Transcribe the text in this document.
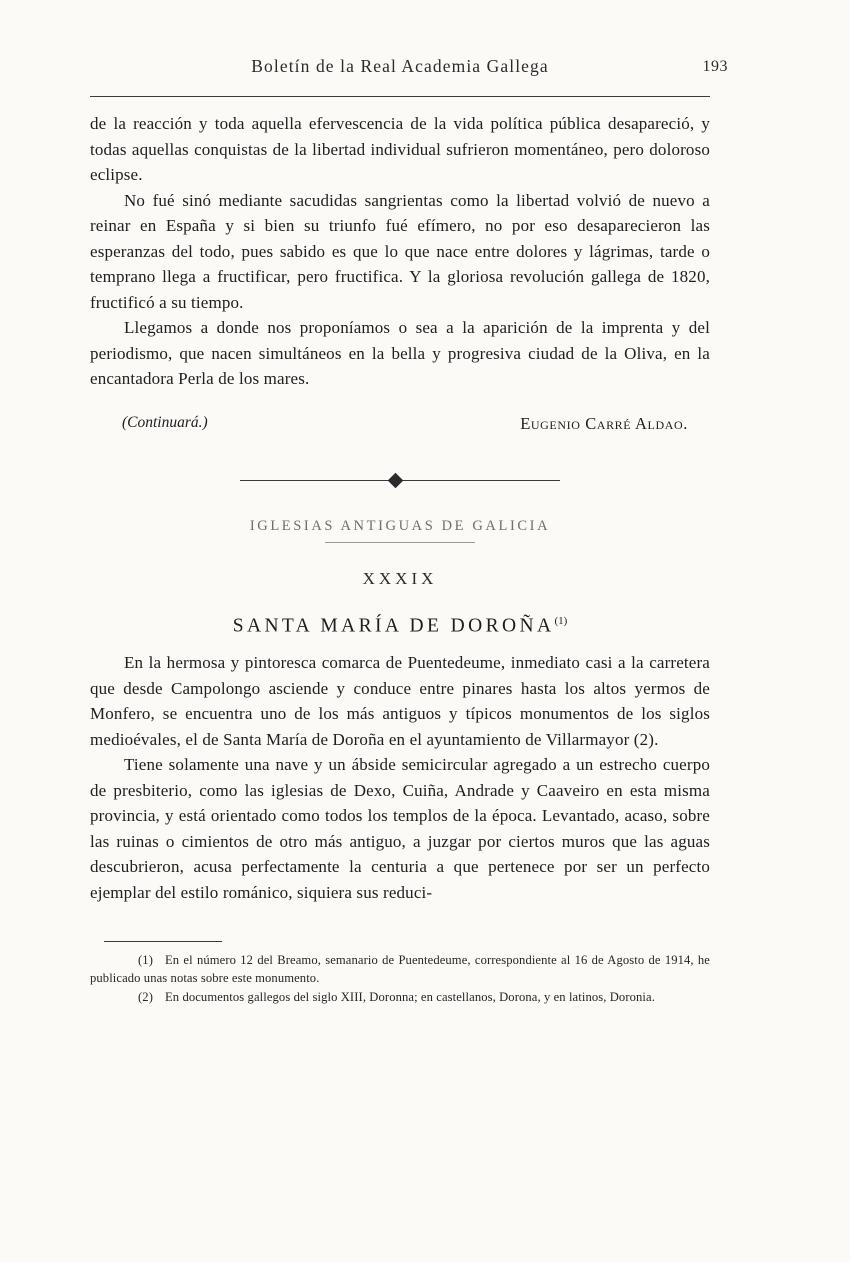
Boletín de la Real Academia Gallega	193

de la reacción y toda aquella efervescencia de la vida política pública desapareció, y todas aquellas conquistas de la libertad individual sufrieron momentáneo, pero doloroso eclipse.

No fué sinó mediante sacudidas sangrientas como la libertad volvió de nuevo a reinar en España y si bien su triunfo fué efímero, no por eso desaparecieron las esperanzas del todo, pues sabido es que lo que nace entre dolores y lágrimas, tarde o temprano llega a fructificar, pero fructifica. Y la gloriosa revolución gallega de 1820, fructificó a su tiempo.

Llegamos a donde nos proponíamos o sea a la aparición de la imprenta y del periodismo, que nacen simultáneos en la bella y progresiva ciudad de la Oliva, en la encantadora Perla de los mares.

Eugenio Carré Aldao.
(Continuará.)
IGLESIAS ANTIGUAS DE GALICIA
XXXIX
SANTA MARÍA DE DOROÑA$^{(1)}$

En la hermosa y pintoresca comarca de Puentedeume, inmediato casi a la carretera que desde Campolongo asciende y conduce entre pinares hasta los altos yermos de Monfero, se encuentra uno de los más antiguos y típicos monumentos de los siglos medioévales, el de Santa María de Doroña en el ayuntamiento de Villarmayor (2).

Tiene solamente una nave y un ábside semicircular agregado a un estrecho cuerpo de presbiterio, como las iglesias de Dexo, Cuiña, Andrade y Caaveiro en esta misma provincia, y está orientado como todos los templos de la época. Levantado, acaso, sobre las ruinas o cimientos de otro más antiguo, a juzgar por ciertos muros que las aguas descubrieron, acusa perfectamente la centuria a que pertenece por ser un perfecto ejemplar del estilo románico, siquiera sus reduci-

(1) En el número 12 del Breamo, semanario de Puentedeume, correspondiente al 16 de Agosto de 1914, he publicado unas notas sobre este monumento.

(2) En documentos gallegos del siglo XIII, Doronna; en castellanos, Dorona, y en latinos, Doronia.
